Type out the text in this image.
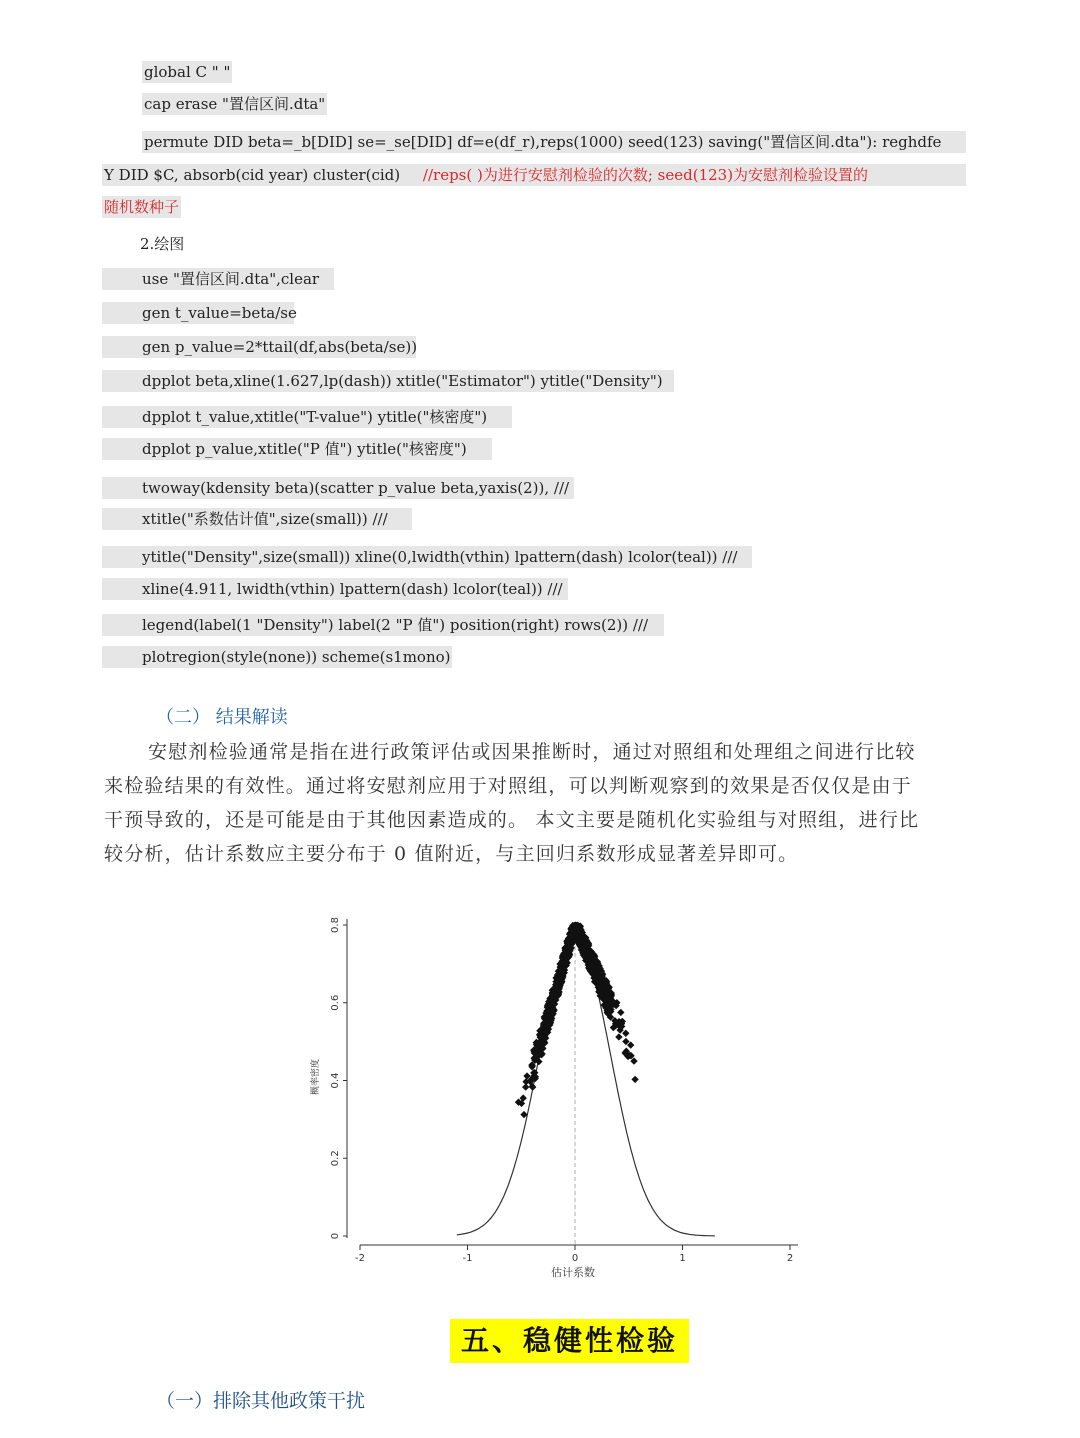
global C " "
cap erase "置信区间.dta"
permute DID beta=_b[DID] se=_se[DID] df=e(df_r),reps(1000) seed(123) saving("置信区间.dta"): reghdfe
Y DID $C, absorb(cid year) cluster(cid) //reps( )为进行安慰剂检验的次数; seed(123)为安慰剂检验设置的
随机数种子
2.绘图
use "置信区间.dta",clear
gen t_value=beta/se
gen p_value=2*ttail(df,abs(beta/se))
dpplot beta,xline(1.627,lp(dash)) xtitle("Estimator") ytitle("Density")
dpplot t_value,xtitle("T-value") ytitle("核密度")
dpplot p_value,xtitle("P 值") ytitle("核密度")
twoway(kdensity beta)(scatter p_value beta,yaxis(2)), ///
xtitle("系数估计值",size(small)) ///
ytitle("Density",size(small)) xline(0,lwidth(vthin) lpattern(dash) lcolor(teal)) ///
xline(4.911, lwidth(vthin) lpattern(dash) lcolor(teal)) ///
legend(label(1 "Density") label(2 "P 值") position(right) rows(2)) ///
plotregion(style(none)) scheme(s1mono)
（二） 结果解读
安慰剂检验通常是指在进行政策评估或因果推断时，通过对照组和处理组之间进行比较
来检验结果的有效性。通过将安慰剂应用于对照组，可以判断观察到的效果是否仅仅是由于
干预导致的，还是可能是由于其他因素造成的。 本文主要是随机化实验组与对照组，进行比
较分析，估计系数应主要分布于 0 值附近，与主回归系数形成显著差异即可。
0
0.2
0.4
0.6
0.8
-2	-1	0	1	2
估计系数
概率密度
五、稳健性检验
（一）排除其他政策干扰
